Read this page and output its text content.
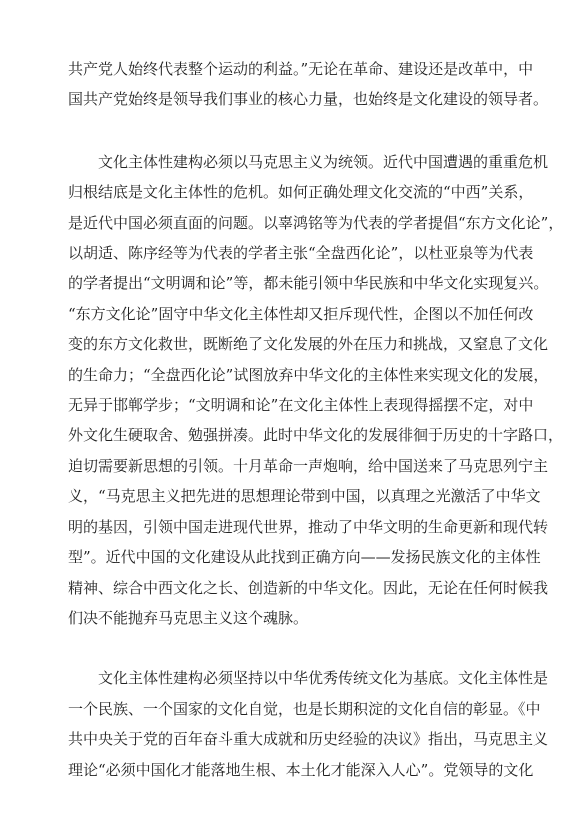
共产党人始终代表整个运动的利益。”无论在革命、建设还是改革中，中
国共产党始终是领导我们事业的核心力量，也始终是文化建设的领导者。
文化主体性建构必须以马克思主义为统领。近代中国遭遇的重重危机
归根结底是文化主体性的危机。如何正确处理文化交流的“中西”关系，
是近代中国必须直面的问题。以辜鸿铭等为代表的学者提倡“东方文化论”，
以胡适、陈序经等为代表的学者主张“全盘西化论”，以杜亚泉等为代表
的学者提出“文明调和论”等，都未能引领中华民族和中华文化实现复兴。
“东方文化论”固守中华文化主体性却又拒斥现代性，企图以不加任何改
变的东方文化救世，既断绝了文化发展的外在压力和挑战，又窒息了文化
的生命力；“全盘西化论”试图放弃中华文化的主体性来实现文化的发展，
无异于邯郸学步；“文明调和论”在文化主体性上表现得摇摆不定，对中
外文化生硬取舍、勉强拼凑。此时中华文化的发展徘徊于历史的十字路口，
迫切需要新思想的引领。十月革命一声炮响，给中国送来了马克思列宁主
义，“马克思主义把先进的思想理论带到中国，以真理之光激活了中华文
明的基因，引领中国走进现代世界，推动了中华文明的生命更新和现代转
型”。近代中国的文化建设从此找到正确方向——发扬民族文化的主体性
精神、综合中西文化之长、创造新的中华文化。因此，无论在任何时候我
们决不能抛弃马克思主义这个魂脉。
文化主体性建构必须坚持以中华优秀传统文化为基底。文化主体性是
一个民族、一个国家的文化自觉，也是长期积淀的文化自信的彰显。《中
共中央关于党的百年奋斗重大成就和历史经验的决议》指出，马克思主义
理论“必须中国化才能落地生根、本土化才能深入人心”。党领导的文化
